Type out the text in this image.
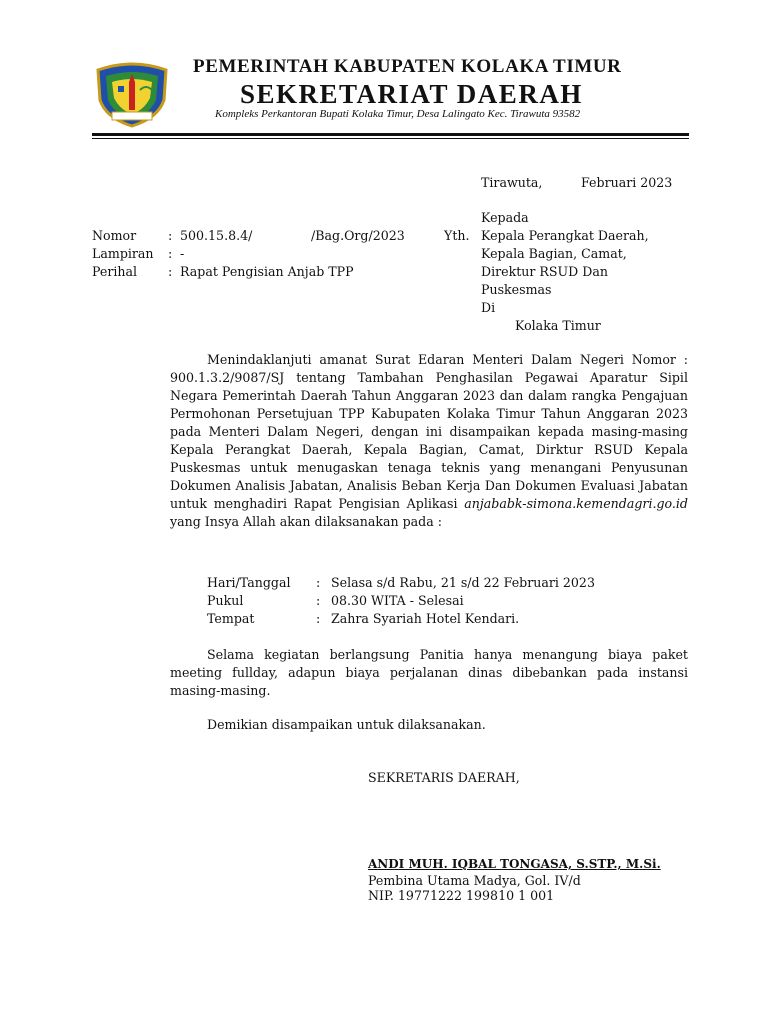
PEMERINTAH KABUPATEN KOLAKA TIMUR
SEKRETARIAT DAERAH
Kompleks Perkantoran Bupati Kolaka Timur, Desa Lalingato Kec. Tirawuta 93582
Tirawuta,	Februari 2023
Nomor	: 500.15.8.4/	/Bag.Org/2023
Lampiran : -
Perihal : Rapat Pengisian Anjab TPP
Kepada
Yth. Kepala Perangkat Daerah,
Kepala Bagian, Camat,
Direktur RSUD Dan
Puskesmas
Di
Kolaka Timur

Menindaklanjuti amanat Surat Edaran Menteri Dalam Negeri Nomor : 900.1.3.2/9087/SJ tentang Tambahan Penghasilan Pegawai Aparatur Sipil Negara Pemerintah Daerah Tahun Anggaran 2023 dan dalam rangka Pengajuan Permohonan Persetujuan TPP Kabupaten Kolaka Timur Tahun Anggaran 2023 pada Menteri Dalam Negeri, dengan ini disampaikan kepada masing-masing Kepala Perangkat Daerah, Kepala Bagian, Camat, Dirktur RSUD Kepala Puskesmas untuk menugaskan tenaga teknis yang menangani Penyusunan Dokumen Analisis Jabatan, Analisis Beban Kerja Dan Dokumen Evaluasi Jabatan untuk menghadiri Rapat Pengisian Aplikasi anjababk-simona.kemendagri.go.id yang Insya Allah akan dilaksanakan pada :

Hari/Tanggal : Selasa s/d Rabu, 21 s/d 22 Februari 2023
Pukul	: 08.30 WITA - Selesai
Tempat	: Zahra Syariah Hotel Kendari.

Selama kegiatan berlangsung Panitia hanya menangung biaya paket meeting fullday, adapun biaya perjalanan dinas dibebankan pada instansi masing-masing.

Demikian disampaikan untuk dilaksanakan.
SEKRETARIS DAERAH,
ANDI MUH. IQBAL TONGASA, S.STP., M.Si.
Pembina Utama Madya, Gol. IV/d
NIP. 19771222 199810 1 001
